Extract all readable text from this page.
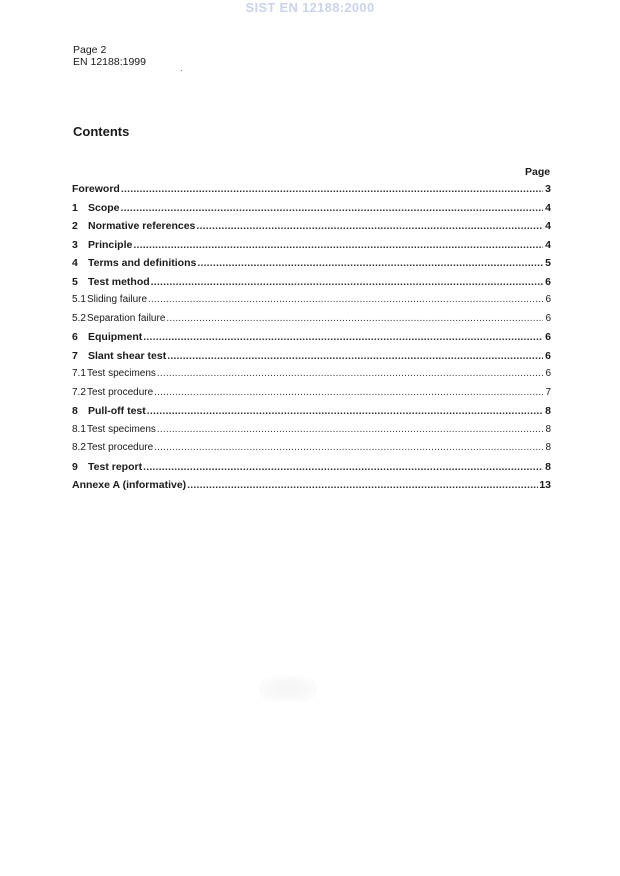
SIST EN 12188:2000
Page 2
EN 12188:1999
Contents
Page
Foreword .....	3
1 Scope .....	4
2 Normative references .....	4
3 Principle .....	4
4 Terms and definitions .....	5
5 Test method .....	6
5.1 Sliding failure .....	6
5.2 Separation failure .....	6
6 Equipment .....	6
7 Slant shear test .....	6
7.1 Test specimens .....	6
7.2 Test procedure .....	7
8 Pull-off test .....	8
8.1 Test specimens .....	8
8.2 Test procedure .....	8
9 Test report .....	8
Annexe A (informative) .....	13
